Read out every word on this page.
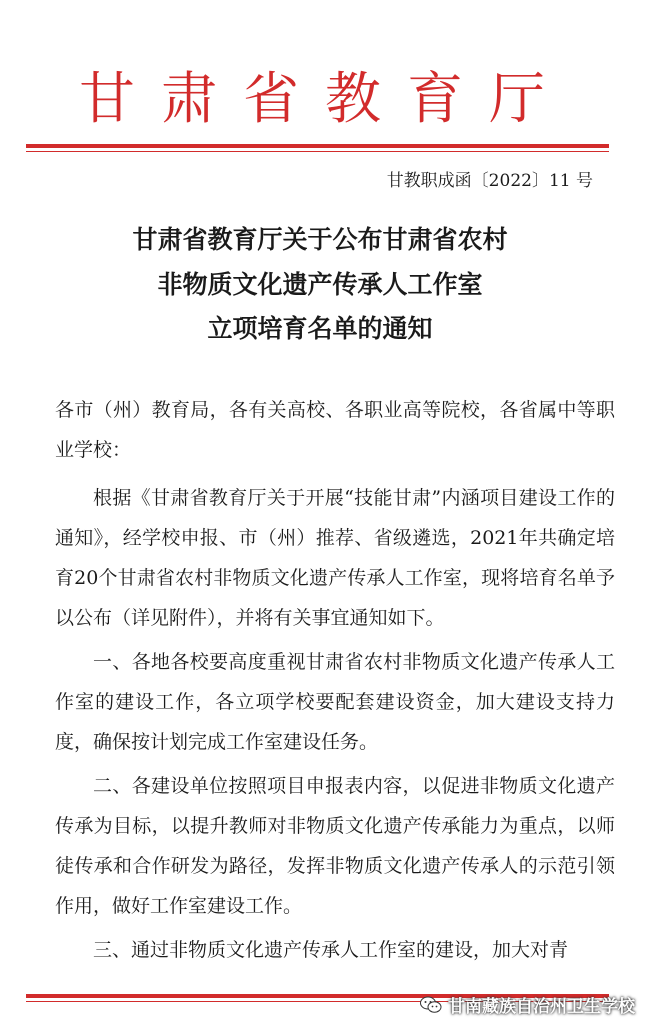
甘肃省教育厅
甘教职成函〔2022〕11 号
甘肃省教育厅关于公布甘肃省农村
非物质文化遗产传承人工作室
立项培育名单的通知

各市（州）教育局，各有关高校、各职业高等院校，各省属中等职业学校：

根据《甘肃省教育厅关于开展“技能甘肃”内涵项目建设工作的通知》，经学校申报、市（州）推荐、省级遴选，2021年共确定培育20个甘肃省农村非物质文化遗产传承人工作室，现将培育名单予以公布（详见附件），并将有关事宜通知如下。

一、各地各校要高度重视甘肃省农村非物质文化遗产传承人工作室的建设工作，各立项学校要配套建设资金，加大建设支持力度，确保按计划完成工作室建设任务。

二、各建设单位按照项目申报表内容，以促进非物质文化遗产传承为目标，以提升教师对非物质文化遗产传承能力为重点，以师徒传承和合作研发为路径，发挥非物质文化遗产传承人的示范引领作用，做好工作室建设工作。

三、通过非物质文化遗产传承人工作室的建设，加大对青

甘南藏族自治州卫生学校
